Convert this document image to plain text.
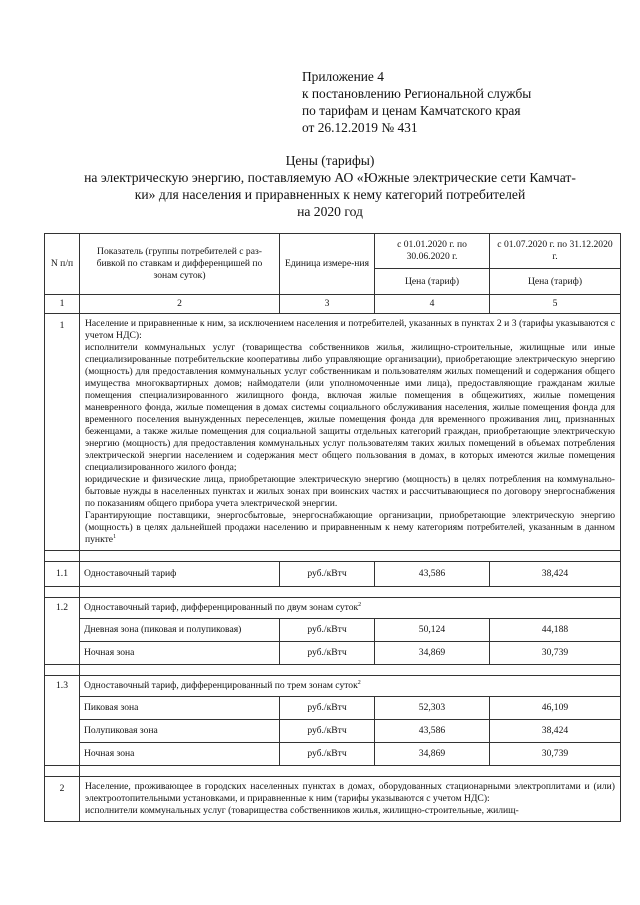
Приложение 4
к постановлению Региональной службы
по тарифам и ценам Камчатского края
от 26.12.2019 № 431
Цены (тарифы)
на электрическую энергию, поставляемую АО «Южные электрические сети Камчат-
ки» для населения и приравненных к нему категорий потребителей
на 2020 год
N п/п	Показатель (группы потребителей с раз-бивкой по ставкам и дифференцишей по зонам суток)	Единица измере-ния	с 01.01.2020 г. по 30.06.2020 г.	с 01.07.2020 г. по 31.12.2020 г.
			Цена (тариф)	Цена (тариф)
1	2	3	4	5
1	Население и приравненные к ним, за исключением населения и потребителей, указанных в пунктах 2 и 3 (тарифы указываются с учетом НДС):

исполнители коммунальных услуг (товарищества собственников жилья, жилищно-строительные, жилищные или иные специализированные потребительские кооперативы либо управляющие организации), приобретающие электрическую энергию (мощность) для предоставления коммунальных услуг собственникам и пользователям жилых помещений и содержания общего имущества многоквартирных домов; наймодатели (или уполномоченные ими лица), предоставляющие гражданам жилые помещения специализированного жилищного фонда, включая жилые помещения в общежитиях, жилые помещения маневренного фонда, жилые помещения в домах системы социального обслуживания населения, жилые помещения фонда для временного поселения вынужденных переселенцев, жилые помещения фонда для временного проживания лиц, признанных беженцами, а также жилые помещения для социальной защиты отдельных категорий граждан, приобретающие электрическую энергию (мощность) для предоставления коммунальных услуг пользователям таких жилых помещений в объемах потребления электрической энергии населением и содержания мест общего пользования в домах, в которых имеются жилые помещения специализированного жилого фонда;

юридические и физические лица, приобретающие электрическую энергию (мощность) в целях потребления на коммунально-бытовые нужды в населенных пунктах и жилых зонах при воинских частях и рассчитывающиеся по договору энергоснабжения по показаниям общего прибора учета электрической энергии.

Гарантирующие поставщики, энергосбытовые, энергоснабжающие организации, приобретающие электрическую энергию (мощность) в целях дальнейшей продажи населению и приравненным к нему категориям потребителей, указанным в данном пункте$^1$

1.1	Одноставочный тариф	руб./кВтч	43,586	38,424

1.2	Одноставочный тариф, дифференцированный по двум зонам суток$^2$
	Дневная зона (пиковая и полупиковая)	руб./кВтч	50,124	44,188
	Ночная зона	руб./кВтч	34,869	30,739

1.3	Одноставочный тариф, дифференцированный по трем зонам суток$^2$
	Пиковая зона	руб./кВтч	52,303	46,109
	Полупиковая зона	руб./кВтч	43,586	38,424
	Ночная зона	руб./кВтч	34,869	30,739

2	Население, проживающее в городских населенных пунктах в домах, оборудованных стационарными электроплитами и (или) электроотопительными установками, и приравненные к ним (тарифы указываются с учетом НДС):

исполнители коммунальных услуг (товарищества собственников жилья, жилищно-строительные, жилищ-			
